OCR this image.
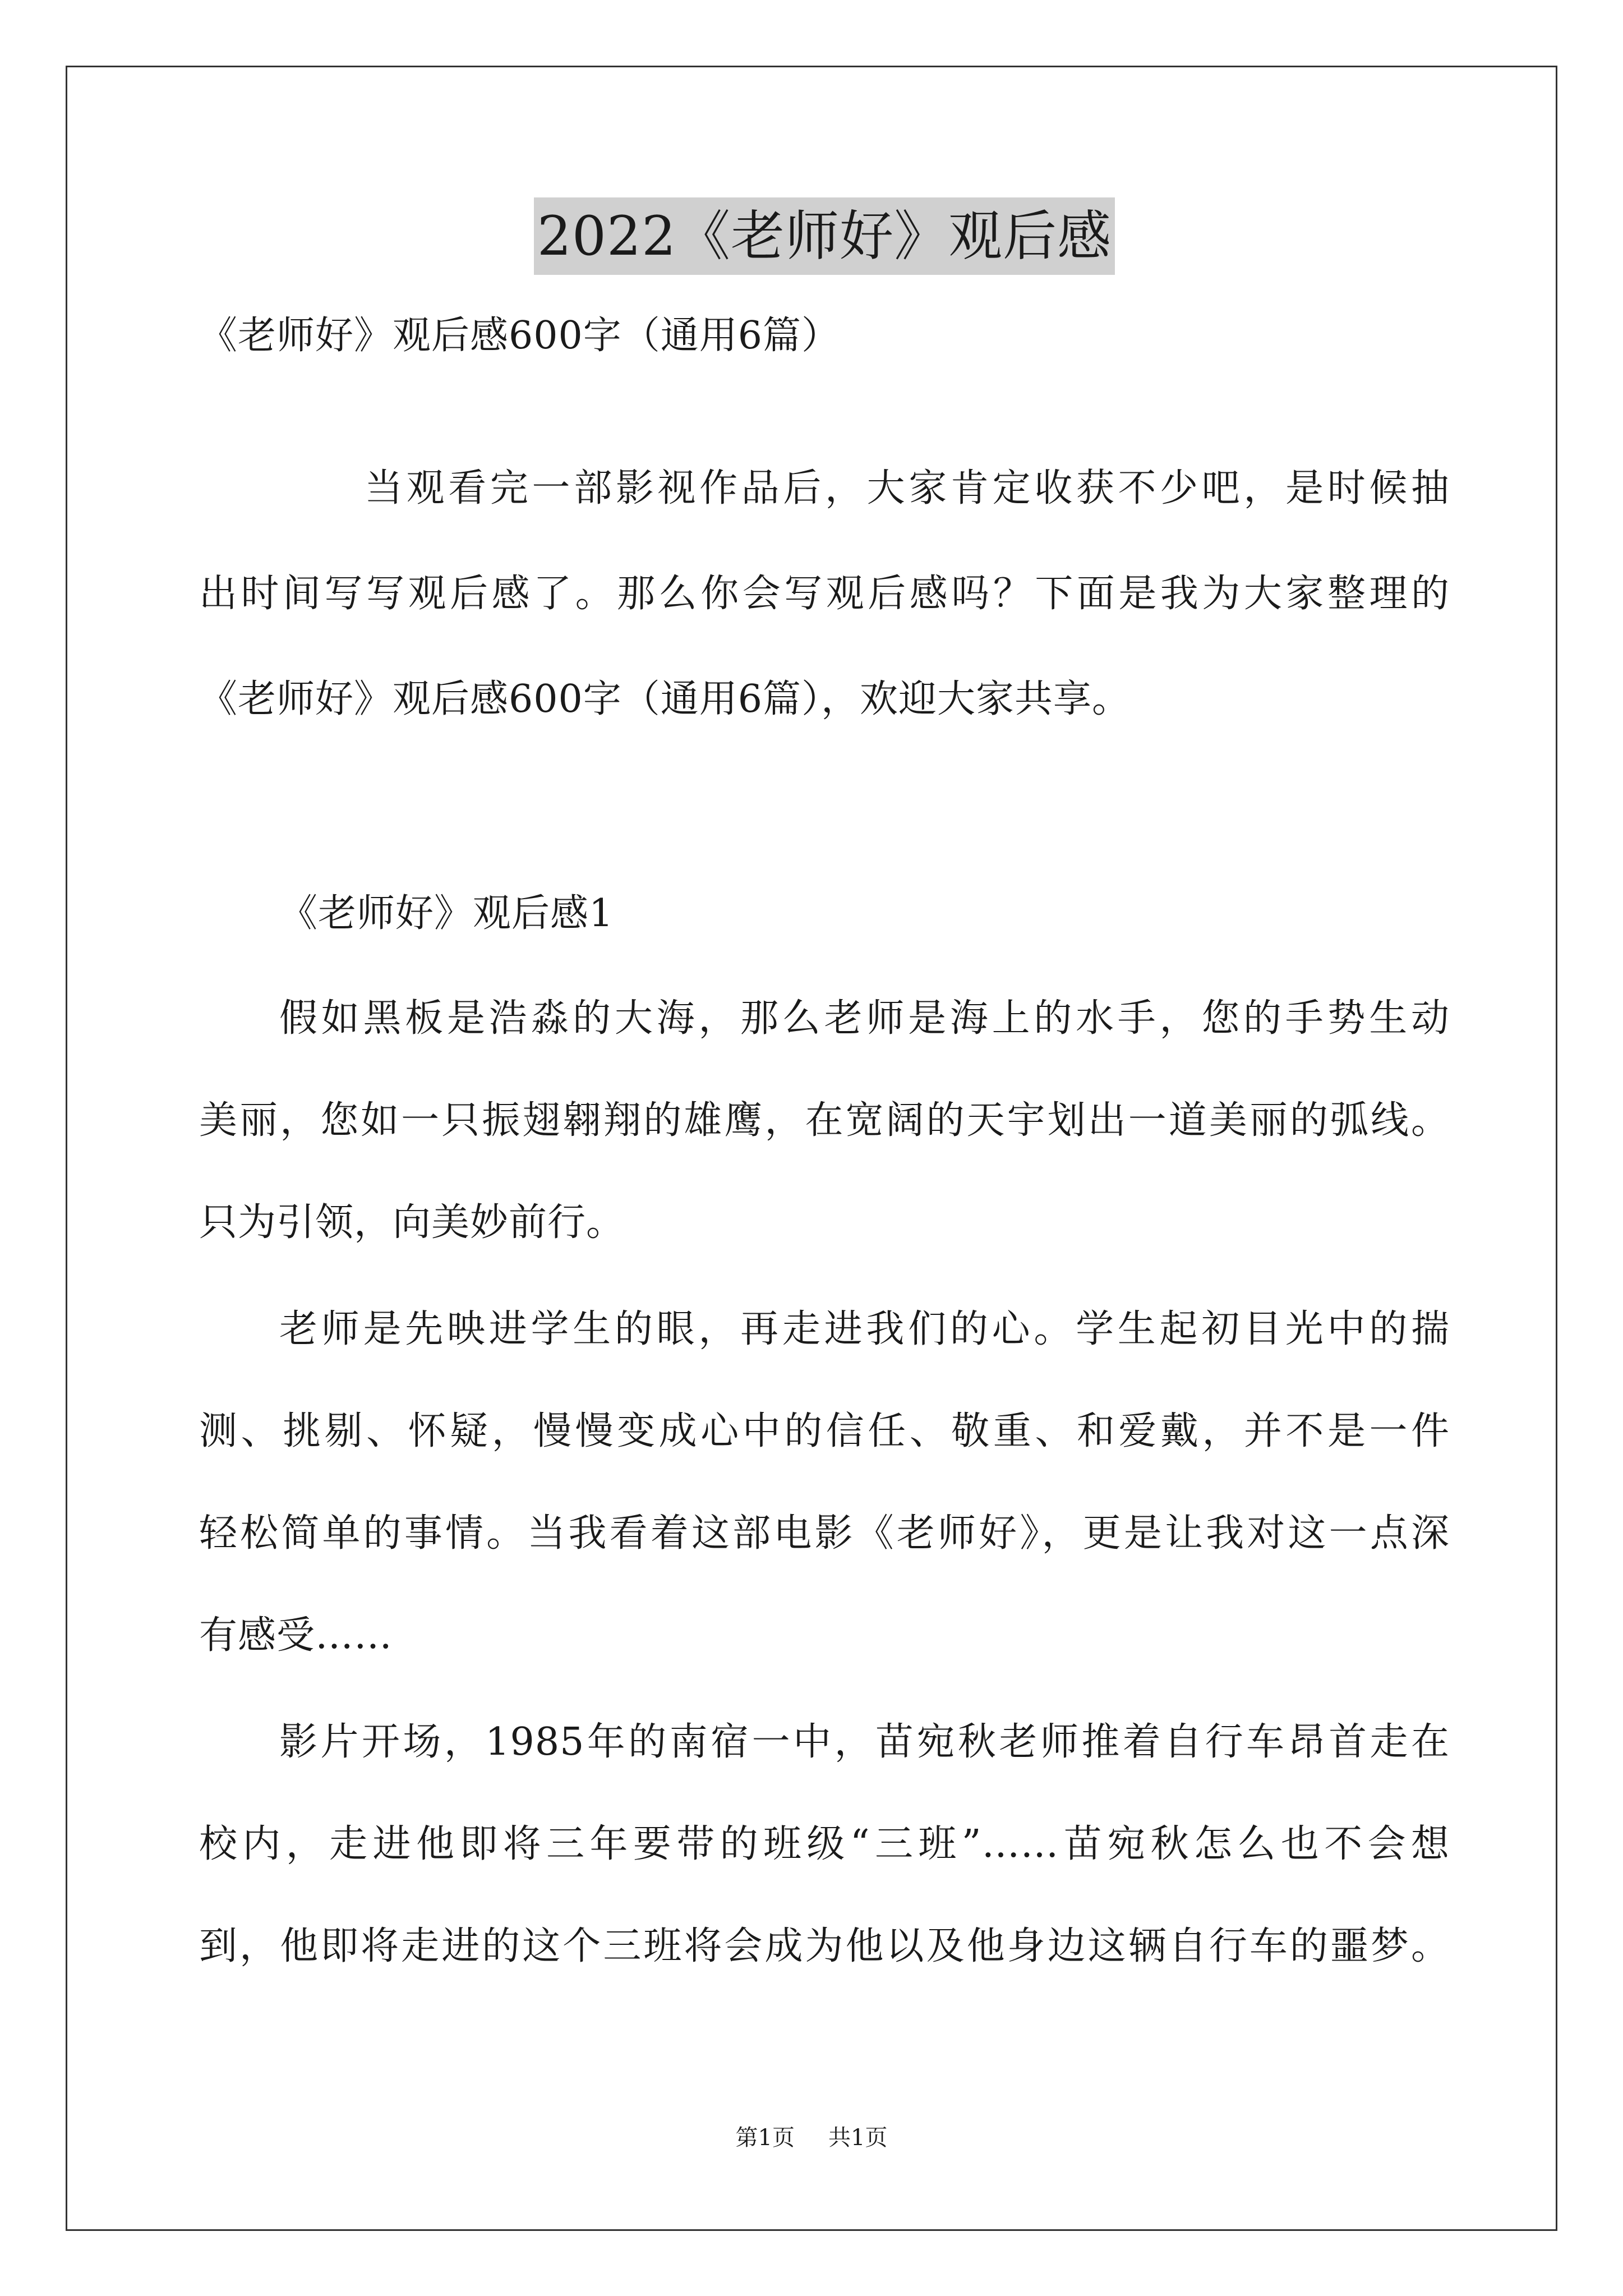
2022《老师好》观后感
《老师好》观后感600字（通用6篇）
当观看完一部影视作品后，大家肯定收获不少吧，是时候抽
出时间写写观后感了。那么你会写观后感吗？下面是我为大家整理的
《老师好》观后感600字（通用6篇），欢迎大家共享。
《老师好》观后感1
假如黑板是浩淼的大海，那么老师是海上的水手，您的手势生动
美丽，您如一只振翅翱翔的雄鹰，在宽阔的天宇划出一道美丽的弧线。
只为引领，向美妙前行。
老师是先映进学生的眼，再走进我们的心。学生起初目光中的揣
测、挑剔、怀疑，慢慢变成心中的信任、敬重、和爱戴，并不是一件
轻松简单的事情。当我看着这部电影《老师好》，更是让我对这一点深
有感受……
影片开场，1985年的南宿一中，苗宛秋老师推着自行车昂首走在
校内，走进他即将三年要带的班级“三班”……苗宛秋怎么也不会想
到，他即将走进的这个三班将会成为他以及他身边这辆自行车的噩梦。
第1页 共1页
